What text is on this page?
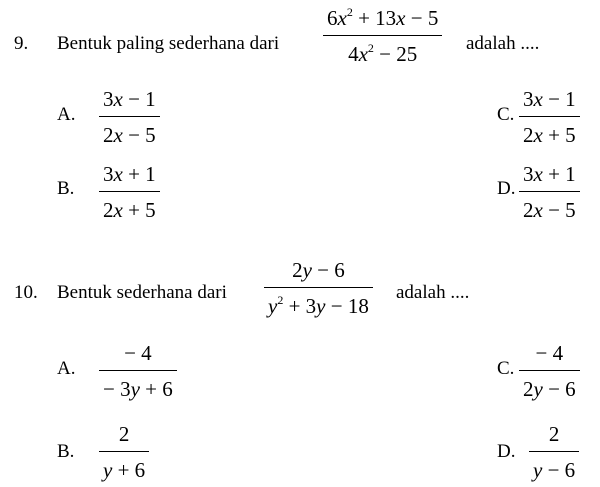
9. Bentuk paling sederhana dari
$6x^2 + 13x - 5$
$4x^2 - 25$	adalah ....
A.
3x − 1
2x − 5
C.
3x − 1
2x + 5
B.
3x + 1
2x + 5
D.
3x + 1
2x − 5
10. Bentuk sederhana dari
2y − 6
$y^2 + 3y - 18$
adalah ....
A.
− 4
− 3y + 6
C.
− 4
2y − 6
B.
2
y + 6
D.
2
y − 6
